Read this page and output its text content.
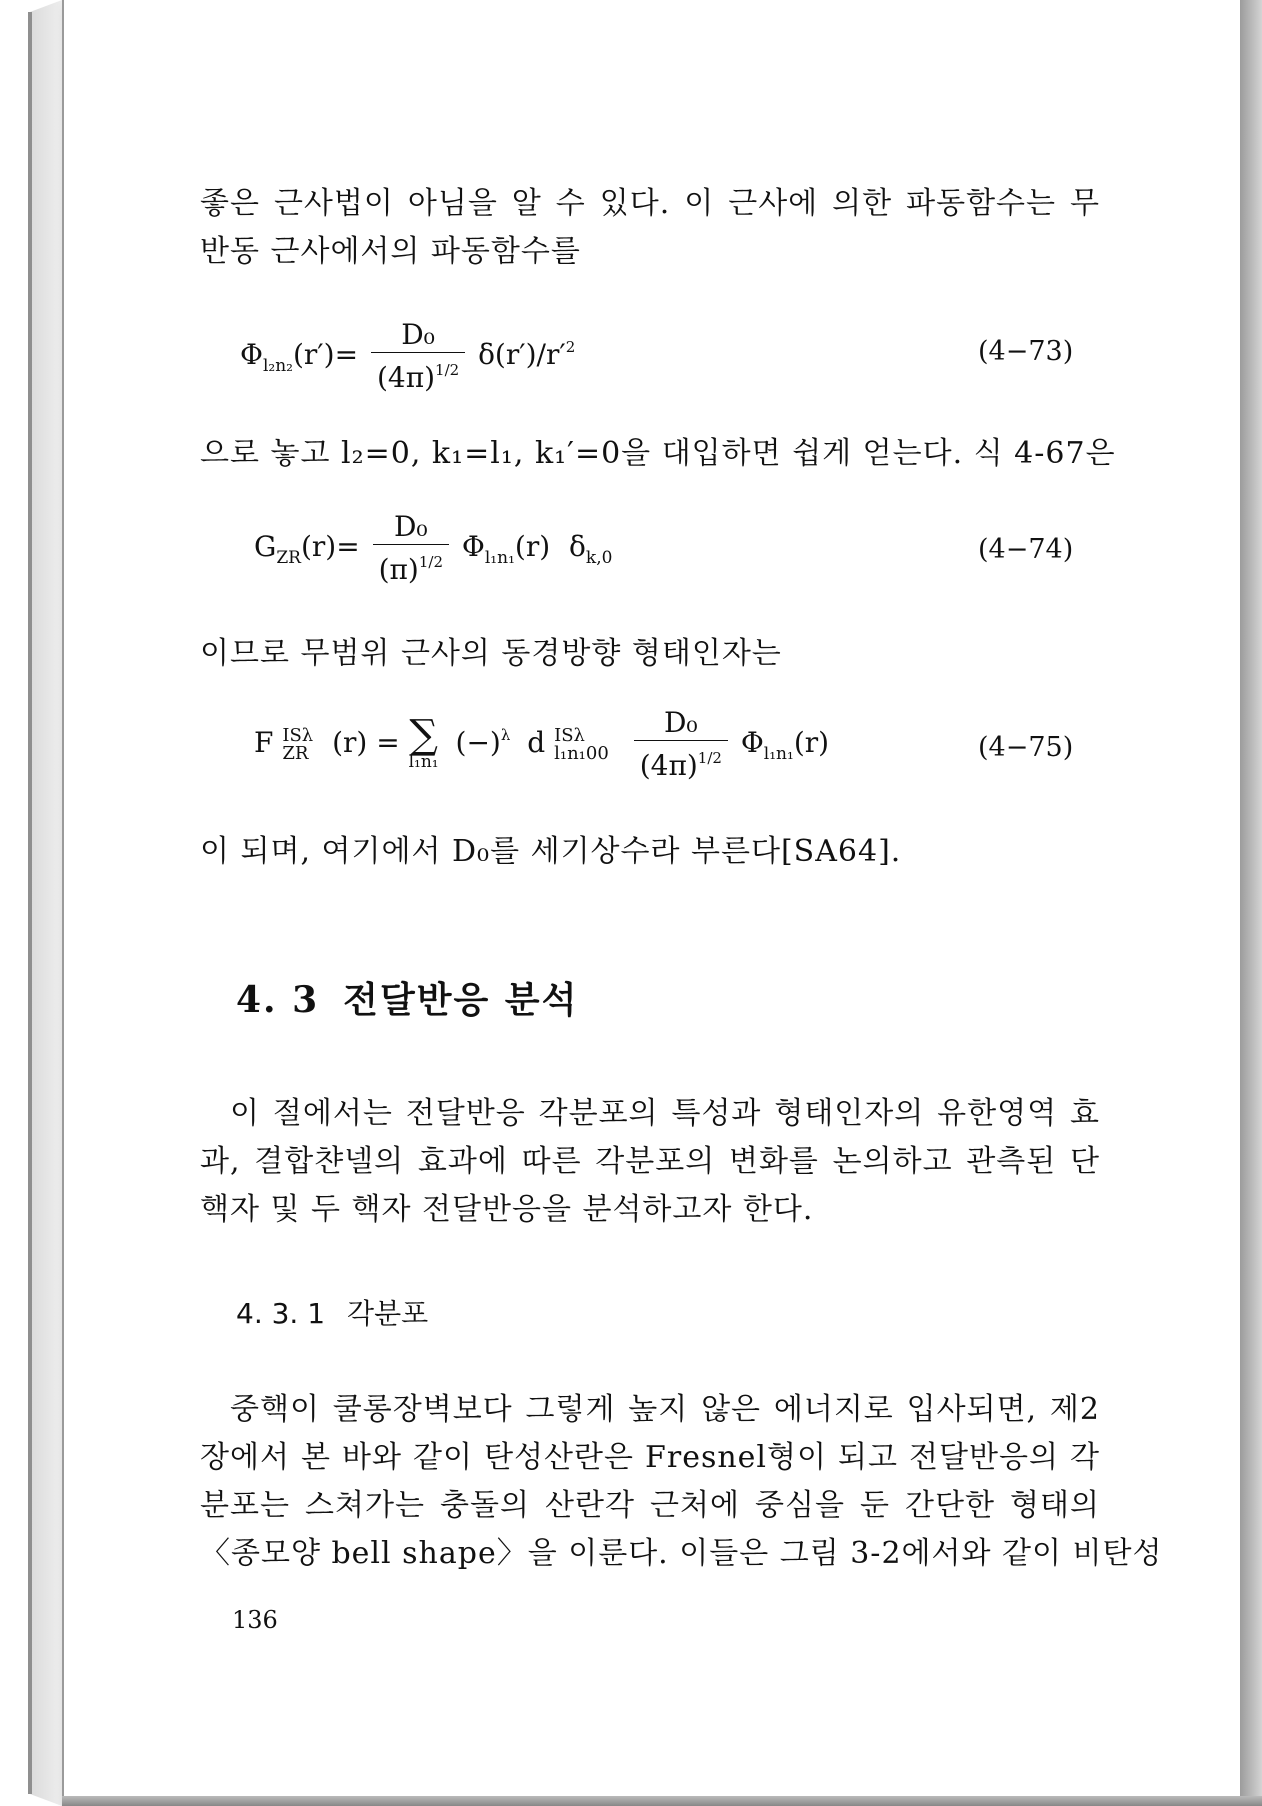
좋은 근사법이 아님을 알 수 있다. 이 근사에 의한 파동함수는 무
반동 근사에서의 파동함수를
$\Phi_{l_2n_2}(r')= \frac{\text{D₀}}{(4\pi)^{1/2}} \delta(r')/r'^2$	(4−73)
으로 놓고 l₂=0, k₁=l₁, k₁′=0을 대입하면 쉽게 얻는다. 식 4-67은
$G_{ZR}(r)= \frac{\text{D₀}}{(\pi)^{1/2}} \Phi_{l_1n_1}(r)$ $\delta_{k,0}$	(4−74)
이므로 무범위 근사의 동경방향 형태인자는
F ISλ
ZR (r) = ∑
l₁n₁
$(-)^\lambda$ d ISλ
l₁n₁00
$\frac{\text{D₀}}{(4\pi)^{1/2}} \Phi_{l_1n_1}(r)$	(4−75)
이 되며, 여기에서 D₀를 세기상수라 부른다[SA64].
4. 3 전달반응 분석
이 절에서는 전달반응 각분포의 특성과 형태인자의 유한영역 효
과, 결합챤넬의 효과에 따른 각분포의 변화를 논의하고 관측된 단
핵자 및 두 핵자 전달반응을 분석하고자 한다.
4. 3. 1 각분포
중핵이 쿨롱장벽보다 그렇게 높지 않은 에너지로 입사되면, 제2
장에서 본 바와 같이 탄성산란은 Fresnel형이 되고 전달반응의 각
분포는 스쳐가는 충돌의 산란각 근처에 중심을 둔 간단한 형태의
〈종모양 bell shape〉을 이룬다. 이들은 그림 3-2에서와 같이 비탄성
136
